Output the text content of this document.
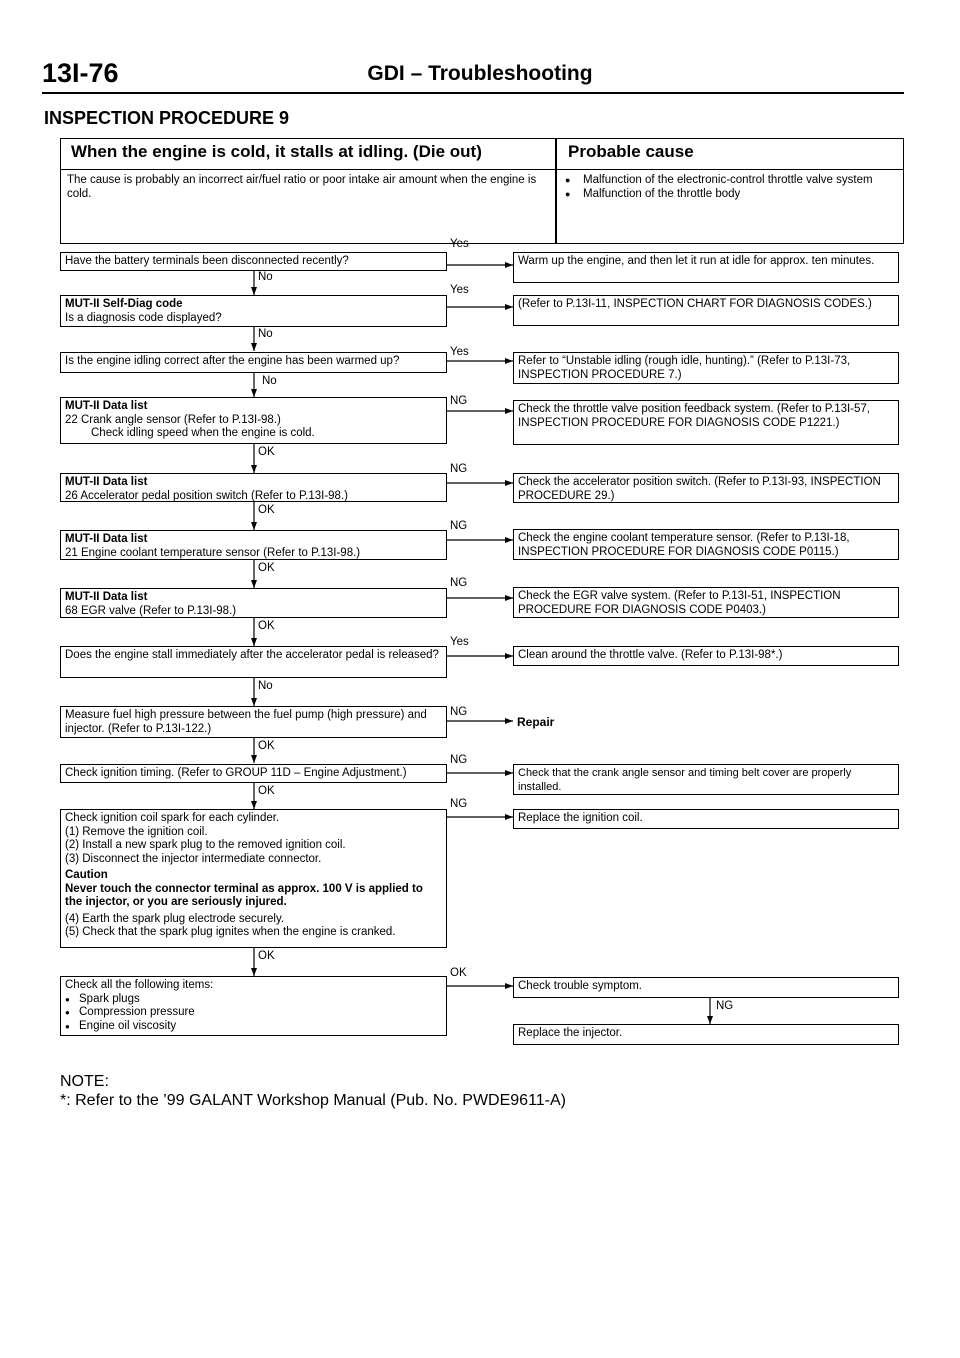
13I-76	GDI – Troubleshooting
INSPECTION PROCEDURE 9
When the engine is cold, it stalls at idling. (Die out)	Probable cause
The cause is probably an incorrect air/fuel ratio or poor intake air amount when the engine is cold.
● Malfunction of the electronic-control throttle valve system
● Malfunction of the throttle body
Have the battery terminals been disconnected recently?
MUT-II Self-Diag code
Is a diagnosis code displayed?
Is the engine idling correct after the engine has been warmed up?
MUT-II Data list
22 Crank angle sensor (Refer to P.13I-98.)
Check idling speed when the engine is cold.
MUT-II Data list
26 Accelerator pedal position switch (Refer to P.13I-98.)
MUT-II Data list
21 Engine coolant temperature sensor (Refer to P.13I-98.)
MUT-II Data list
68 EGR valve (Refer to P.13I-98.)
Does the engine stall immediately after the accelerator pedal is released?
Measure fuel high pressure between the fuel pump (high pressure) and injector. (Refer to P.13I-122.)
Check ignition timing. (Refer to GROUP 11D – Engine Adjustment.)
Check ignition coil spark for each cylinder.
(1) Remove the ignition coil.
(2) Install a new spark plug to the removed ignition coil.
(3) Disconnect the injector intermediate connector.
Caution
Never touch the connector terminal as approx. 100 V is applied to the injector, or you are seriously injured.
(4) Earth the spark plug electrode securely.
(5) Check that the spark plug ignites when the engine is cranked.
Check all the following items:
● Spark plugs
● Compression pressure
● Engine oil viscosity
Warm up the engine, and then let it run at idle for approx. ten minutes.
(Refer to P.13I-11, INSPECTION CHART FOR DIAGNOSIS CODES.)
Refer to “Unstable idling (rough idle, hunting).” (Refer to P.13I-73, INSPECTION PROCEDURE 7.)
Check the throttle valve position feedback system. (Refer to P.13I-57, INSPECTION PROCEDURE FOR DIAGNOSIS CODE P1221.)
Check the accelerator position switch. (Refer to P.13I-93, INSPECTION PROCEDURE 29.)
Check the engine coolant temperature sensor. (Refer to P.13I-18, INSPECTION PROCEDURE FOR DIAGNOSIS CODE P0115.)
Check the EGR valve system. (Refer to P.13I-51, INSPECTION PROCEDURE FOR DIAGNOSIS CODE P0403.)
Clean around the throttle valve. (Refer to P.13I-98*.)
Repair
Check that the crank angle sensor and timing belt cover are properly installed.
Replace the ignition coil.
Check trouble symptom.
Replace the injector.
Yes
No
Yes
No
Yes
No
NG
OK
NG
OK
NG
OK
NG
OK
Yes
No
NG
OK
NG
OK
NG
OK
OK
NG
NOTE:
*: Refer to the ’99 GALANT Workshop Manual (Pub. No. PWDE9611-A)
